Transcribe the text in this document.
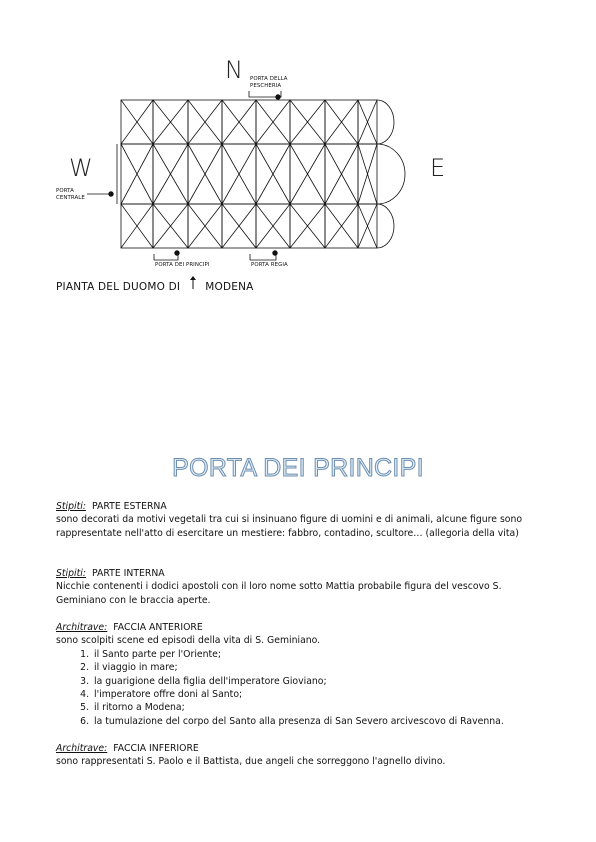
N
W	E
PORTA DELLA
PESCHERIA
PORTA
CENTRALE
PORTA DEI PRINCIPI	PORTA REGIA
PIANTA DEL DUOMO DI MODENA
PORTA DEI PRINCIPI

Stipiti: PARTE ESTERNA

sono decorati da motivi vegetali tra cui si insinuano figure di uomini e di animali, alcune figure sono rappresentate nell'atto di esercitare un mestiere: fabbro, contadino, scultore… (allegoria della vita)

Stipiti: PARTE INTERNA

Nicchie contenenti i dodici apostoli con il loro nome sotto Mattia probabile figura del vescovo S. Geminiano con le braccia aperte.

Architrave: FACCIA ANTERIORE

sono scolpiti scene ed episodi della vita di S. Geminiano.

1. il Santo parte per l'Oriente;
2. il viaggio in mare;
3. la guarigione della figlia dell'imperatore Gioviano;
4. l'imperatore offre doni al Santo;
5. il ritorno a Modena;
6. la tumulazione del corpo del Santo alla presenza di San Severo arcivescovo di Ravenna.

Architrave: FACCIA INFERIORE

sono rappresentati S. Paolo e il Battista, due angeli che sorreggono l'agnello divino.
